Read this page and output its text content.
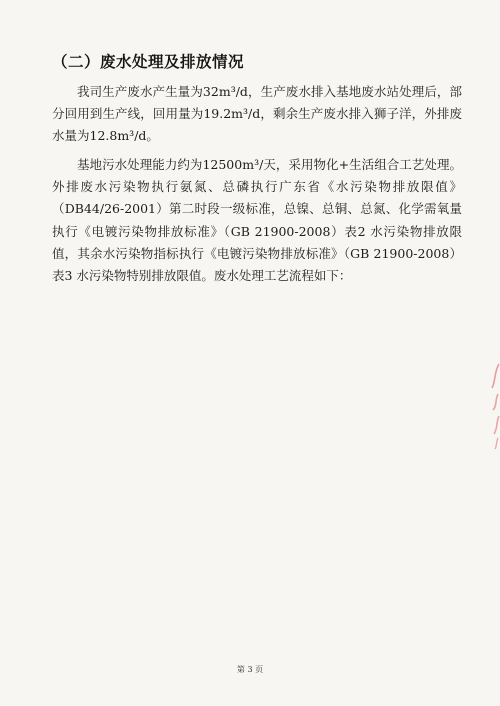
（二）废水处理及排放情况

我司生产废水产生量为32m³/d，生产废水排入基地废水站处理后，部分回用到生产线，回用量为19.2m³/d，剩余生产废水排入狮子洋，外排废水量为12.8m³/d。

基地污水处理能力约为12500m³/天，采用物化+生活组合工艺处理。外排废水污染物执行氨氮、总磷执行广东省《水污染物排放限值》（DB44/26-2001）第二时段一级标准，总镍、总铜、总氮、化学需氧量执行《电镀污染物排放标准》（GB 21900-2008）表2 水污染物排放限值，其余水污染物指标执行《电镀污染物排放标准》（GB 21900-2008）表3 水污染物特别排放限值。废水处理工艺流程如下：

第 3 页
